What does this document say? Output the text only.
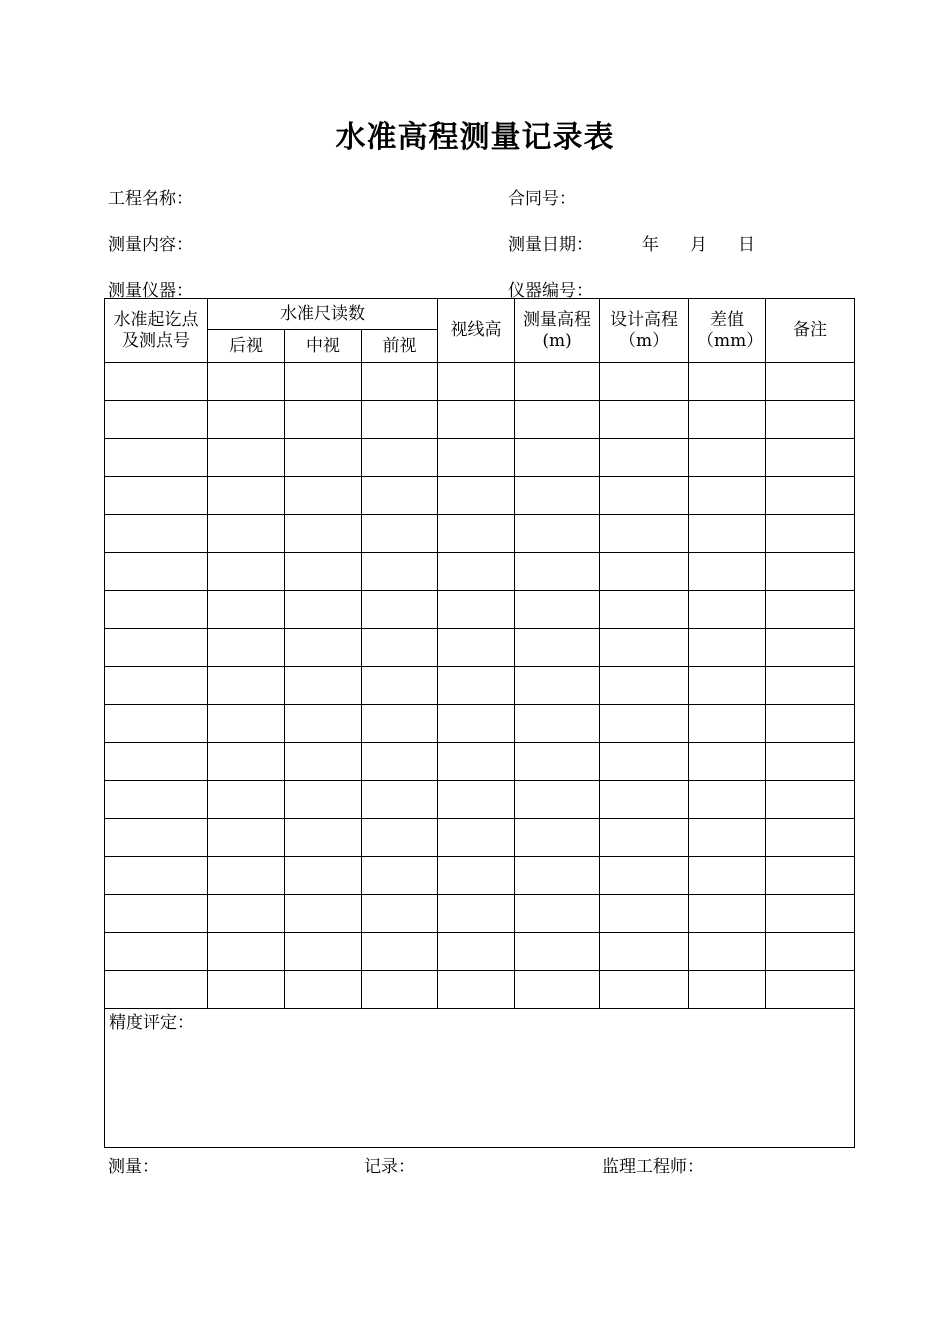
水准高程测量记录表
工程名称：	合同号：
测量内容：	测量日期：	年 月 日
测量仪器：	仪器编号：
水准起讫点及测点号	水准尺读数			视线高	测量高程(m)	设计高程（m）	差值（mm）	备注
	后视	中视	前视					

精度评定：								
测量：	记录：	监理工程师：
